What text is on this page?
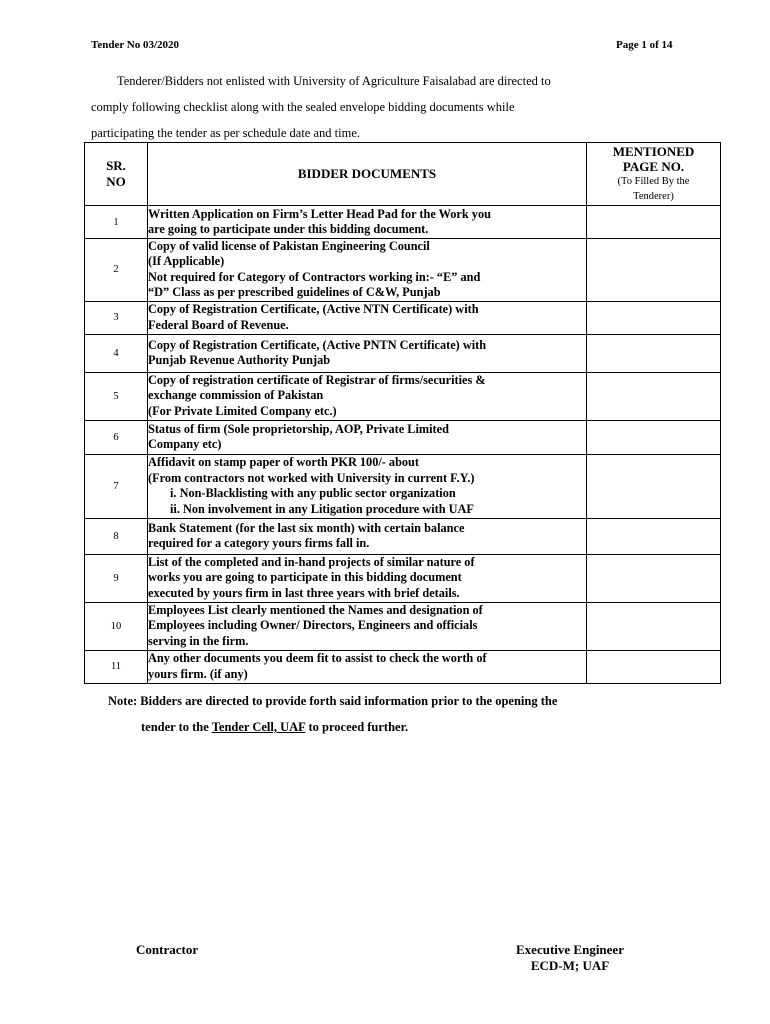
Tender No 03/2020	Page 1 of 14
Tenderer/Bidders not enlisted with University of Agriculture Faisalabad are directed to
comply following checklist along with the sealed envelope bidding documents while
participating the tender as per schedule date and time.
SR.
NO	BIDDER DOCUMENTS	MENTIONED
PAGE NO.
(To Filled By the
Tenderer)

1	Written Application on Firm’s Letter Head Pad for the Work you
are going to participate under this bidding document.	

2	Copy of valid license of Pakistan Engineering Council
(If Applicable)
Not required for Category of Contractors working in:- “E” and
“D” Class as per prescribed guidelines of C&W, Punjab	

3	Copy of Registration Certificate, (Active NTN Certificate) with
Federal Board of Revenue.	

4	Copy of Registration Certificate, (Active PNTN Certificate) with
Punjab Revenue Authority Punjab	

5	Copy of registration certificate of Registrar of firms/securities &
exchange commission of Pakistan
(For Private Limited Company etc.)	

6	Status of firm (Sole proprietorship, AOP, Private Limited
Company etc)	

7	Affidavit on stamp paper of worth PKR 100/- about
(From contractors not worked with University in current F.Y.)
i. Non-Blacklisting with any public sector organization
ii. Non involvement in any Litigation procedure with UAF	

8	Bank Statement (for the last six month) with certain balance
required for a category yours firms fall in.	

9	List of the completed and in-hand projects of similar nature of
works you are going to participate in this bidding document
executed by yours firm in last three years with brief details.	

10	Employees List clearly mentioned the Names and designation of
Employees including Owner/ Directors, Engineers and officials
serving in the firm.	

11	Any other documents you deem fit to assist to check the worth of
yours firm. (if any)	

Note: Bidders are directed to provide forth said information prior to the opening the
tender to the Tender Cell, UAF to proceed further.
Contractor	Executive Engineer
ECD-M; UAF
